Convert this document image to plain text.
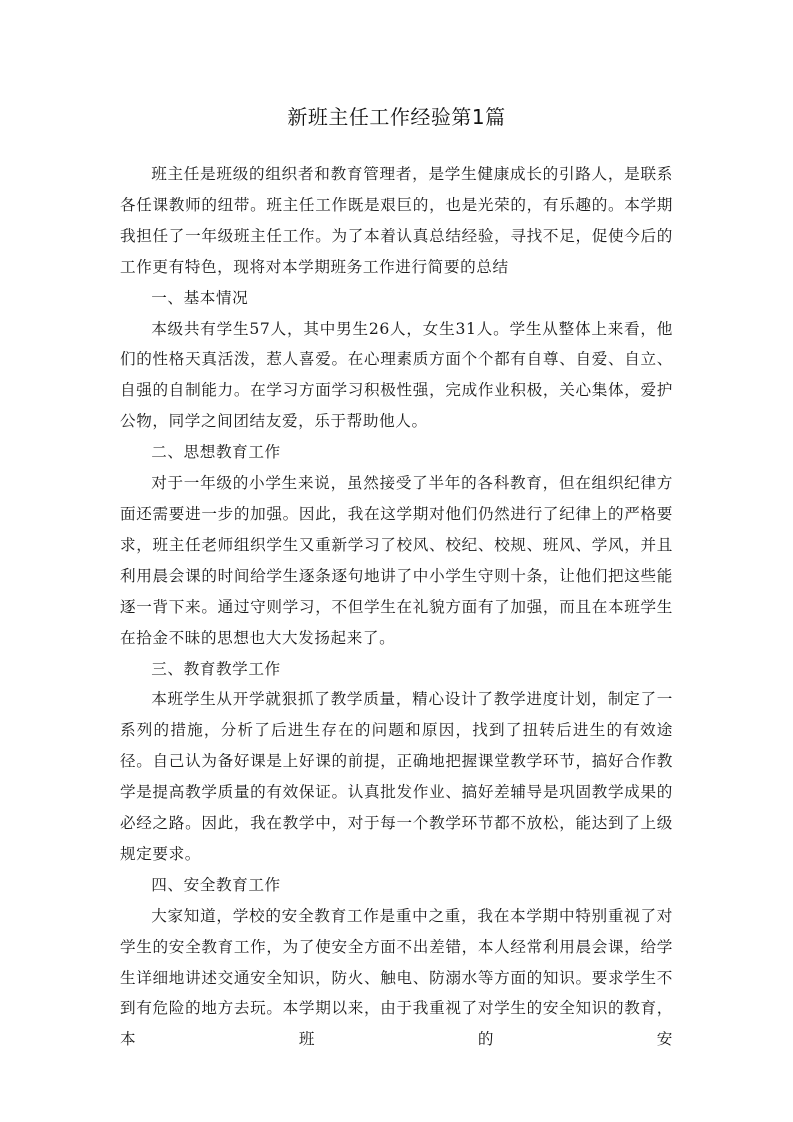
新班主任工作经验第1篇

班主任是班级的组织者和教育管理者，是学生健康成长的引路人，是联系各任课教师的纽带。班主任工作既是艰巨的，也是光荣的，有乐趣的。本学期我担任了一年级班主任工作。为了本着认真总结经验，寻找不足，促使今后的工作更有特色，现将对本学期班务工作进行简要的总结

一、基本情况

本级共有学生57人，其中男生26人，女生31人。学生从整体上来看，他们的性格天真活泼，惹人喜爱。在心理素质方面个个都有自尊、自爱、自立、自强的自制能力。在学习方面学习积极性强，完成作业积极，关心集体，爱护公物，同学之间团结友爱，乐于帮助他人。

二、思想教育工作

对于一年级的小学生来说，虽然接受了半年的各科教育，但在组织纪律方面还需要进一步的加强。因此，我在这学期对他们仍然进行了纪律上的严格要求，班主任老师组织学生又重新学习了校风、校纪、校规、班风、学风，并且利用晨会课的时间给学生逐条逐句地讲了中小学生守则十条，让他们把这些能逐一背下来。通过守则学习，不但学生在礼貌方面有了加强，而且在本班学生在拾金不昧的思想也大大发扬起来了。

三、教育教学工作

本班学生从开学就狠抓了教学质量，精心设计了教学进度计划，制定了一系列的措施，分析了后进生存在的问题和原因，找到了扭转后进生的有效途径。自己认为备好课是上好课的前提，正确地把握课堂教学环节，搞好合作教学是提高教学质量的有效保证。认真批发作业、搞好差辅导是巩固教学成果的必经之路。因此，我在教学中，对于每一个教学环节都不放松，能达到了上级规定要求。

四、安全教育工作

大家知道，学校的安全教育工作是重中之重，我在本学期中特别重视了对学生的安全教育工作，为了使安全方面不出差错，本人经常利用晨会课，给学生详细地讲述交通安全知识，防火、触电、防溺水等方面的知识。要求学生不到有危险的地方去玩。本学期以来，由于我重视了对学生的安全知识的教育，本班的安
